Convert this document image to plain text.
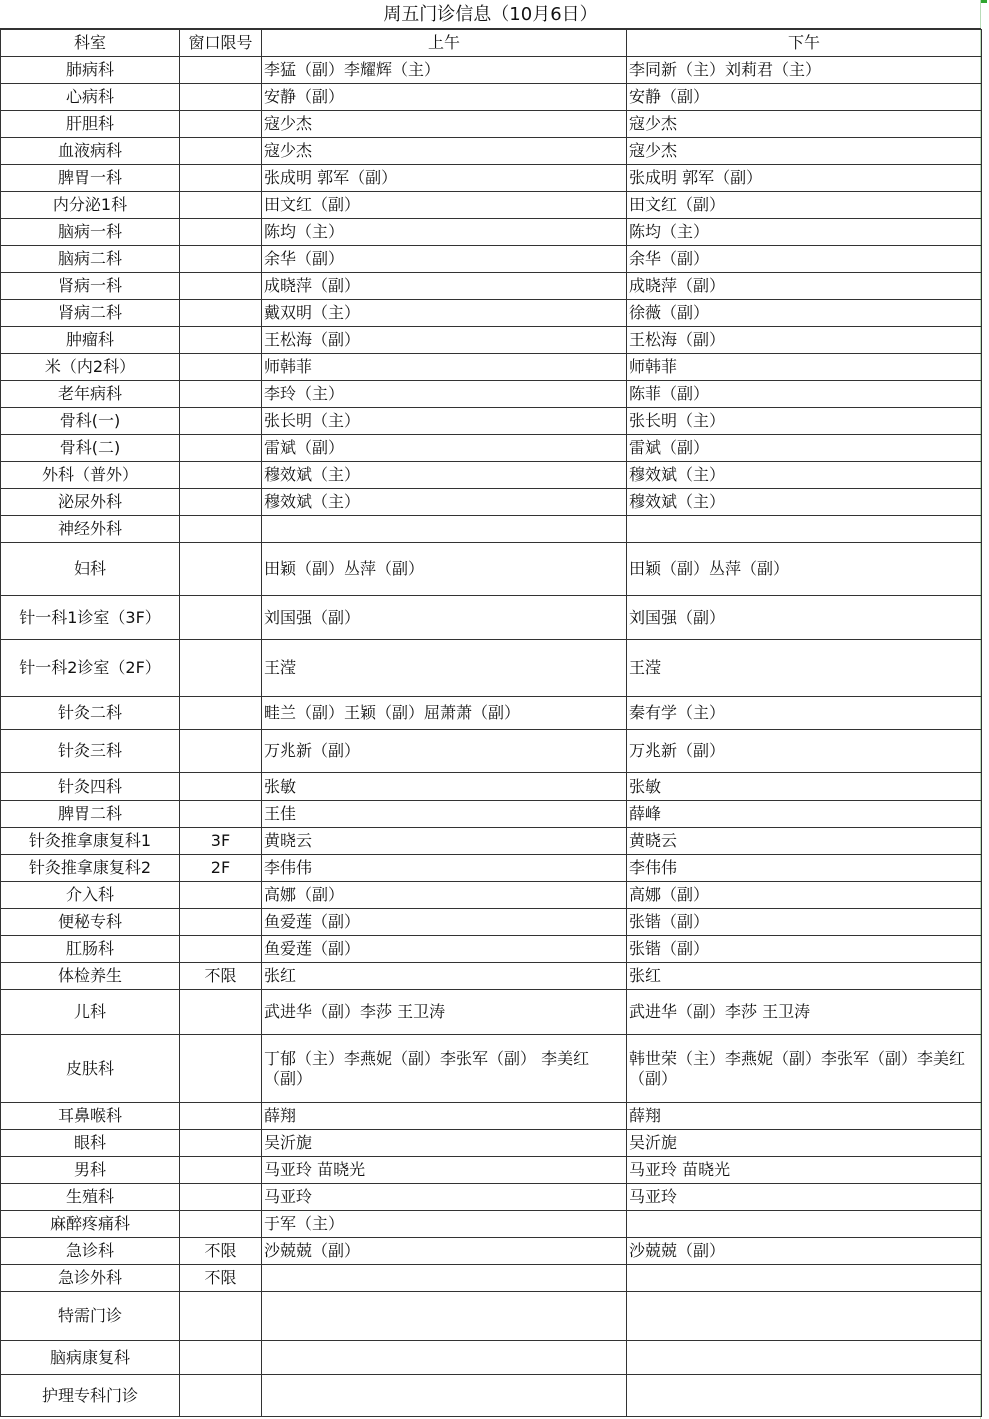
周五门诊信息（10月6日）
科室	窗口限号	上午	下午
肺病科		李猛（副）李耀辉（主）	李同新（主）刘莉君（主）
心病科		安静（副）	安静（副）
肝胆科		寇少杰	寇少杰
血液病科		寇少杰	寇少杰
脾胃一科		张成明 郭军（副）	张成明 郭军（副）
内分泌1科		田文红（副）	田文红（副）
脑病一科		陈均（主）	陈均（主）
脑病二科		余华（副）	余华（副）
肾病一科		成晓萍（副）	成晓萍（副）
肾病二科		戴双明（主）	徐薇（副）
肿瘤科		王松海（副）	王松海（副）
米（内2科）		师韩菲	师韩菲
老年病科		李玲（主）	陈菲（副）
骨科(一)		张长明（主）	张长明（主）
骨科(二)		雷斌（副）	雷斌（副）
外科（普外）		穆效斌（主）	穆效斌（主）
泌尿外科		穆效斌（主）	穆效斌（主）
神经外科			
妇科		田颖（副）丛萍（副）	田颖（副）丛萍（副）
针一科1诊室（3F）		刘国强（副）	刘国强（副）
针一科2诊室（2F）		王滢	王滢
针灸二科		畦兰（副）王颖（副）屈萧萧（副）	秦有学（主）
针灸三科		万兆新（副）	万兆新（副）
针灸四科		张敏	张敏
脾胃二科		王佳	薛峰
针灸推拿康复科1	3F	黄晓云	黄晓云
针灸推拿康复科2	2F	李伟伟	李伟伟
介入科		高娜（副）	高娜（副）
便秘专科		鱼爱莲（副）	张锴（副）
肛肠科		鱼爱莲（副）	张锴（副）
体检养生	不限	张红	张红
儿科		武进华（副）李莎 王卫涛	武进华（副）李莎 王卫涛
皮肤科		丁郁（主）李燕妮（副）李张军（副） 李美红（副）	韩世荣（主）李燕妮（副）李张军（副）李美红（副）
耳鼻喉科		薛翔	薛翔
眼科		吴沂旎	吴沂旎
男科		马亚玲 苗晓光	马亚玲 苗晓光
生殖科		马亚玲	马亚玲
麻醉疼痛科		于军（主）	
急诊科	不限	沙兢兢（副）	沙兢兢（副）
急诊外科	不限		
特需门诊			
脑病康复科			
护理专科门诊			
